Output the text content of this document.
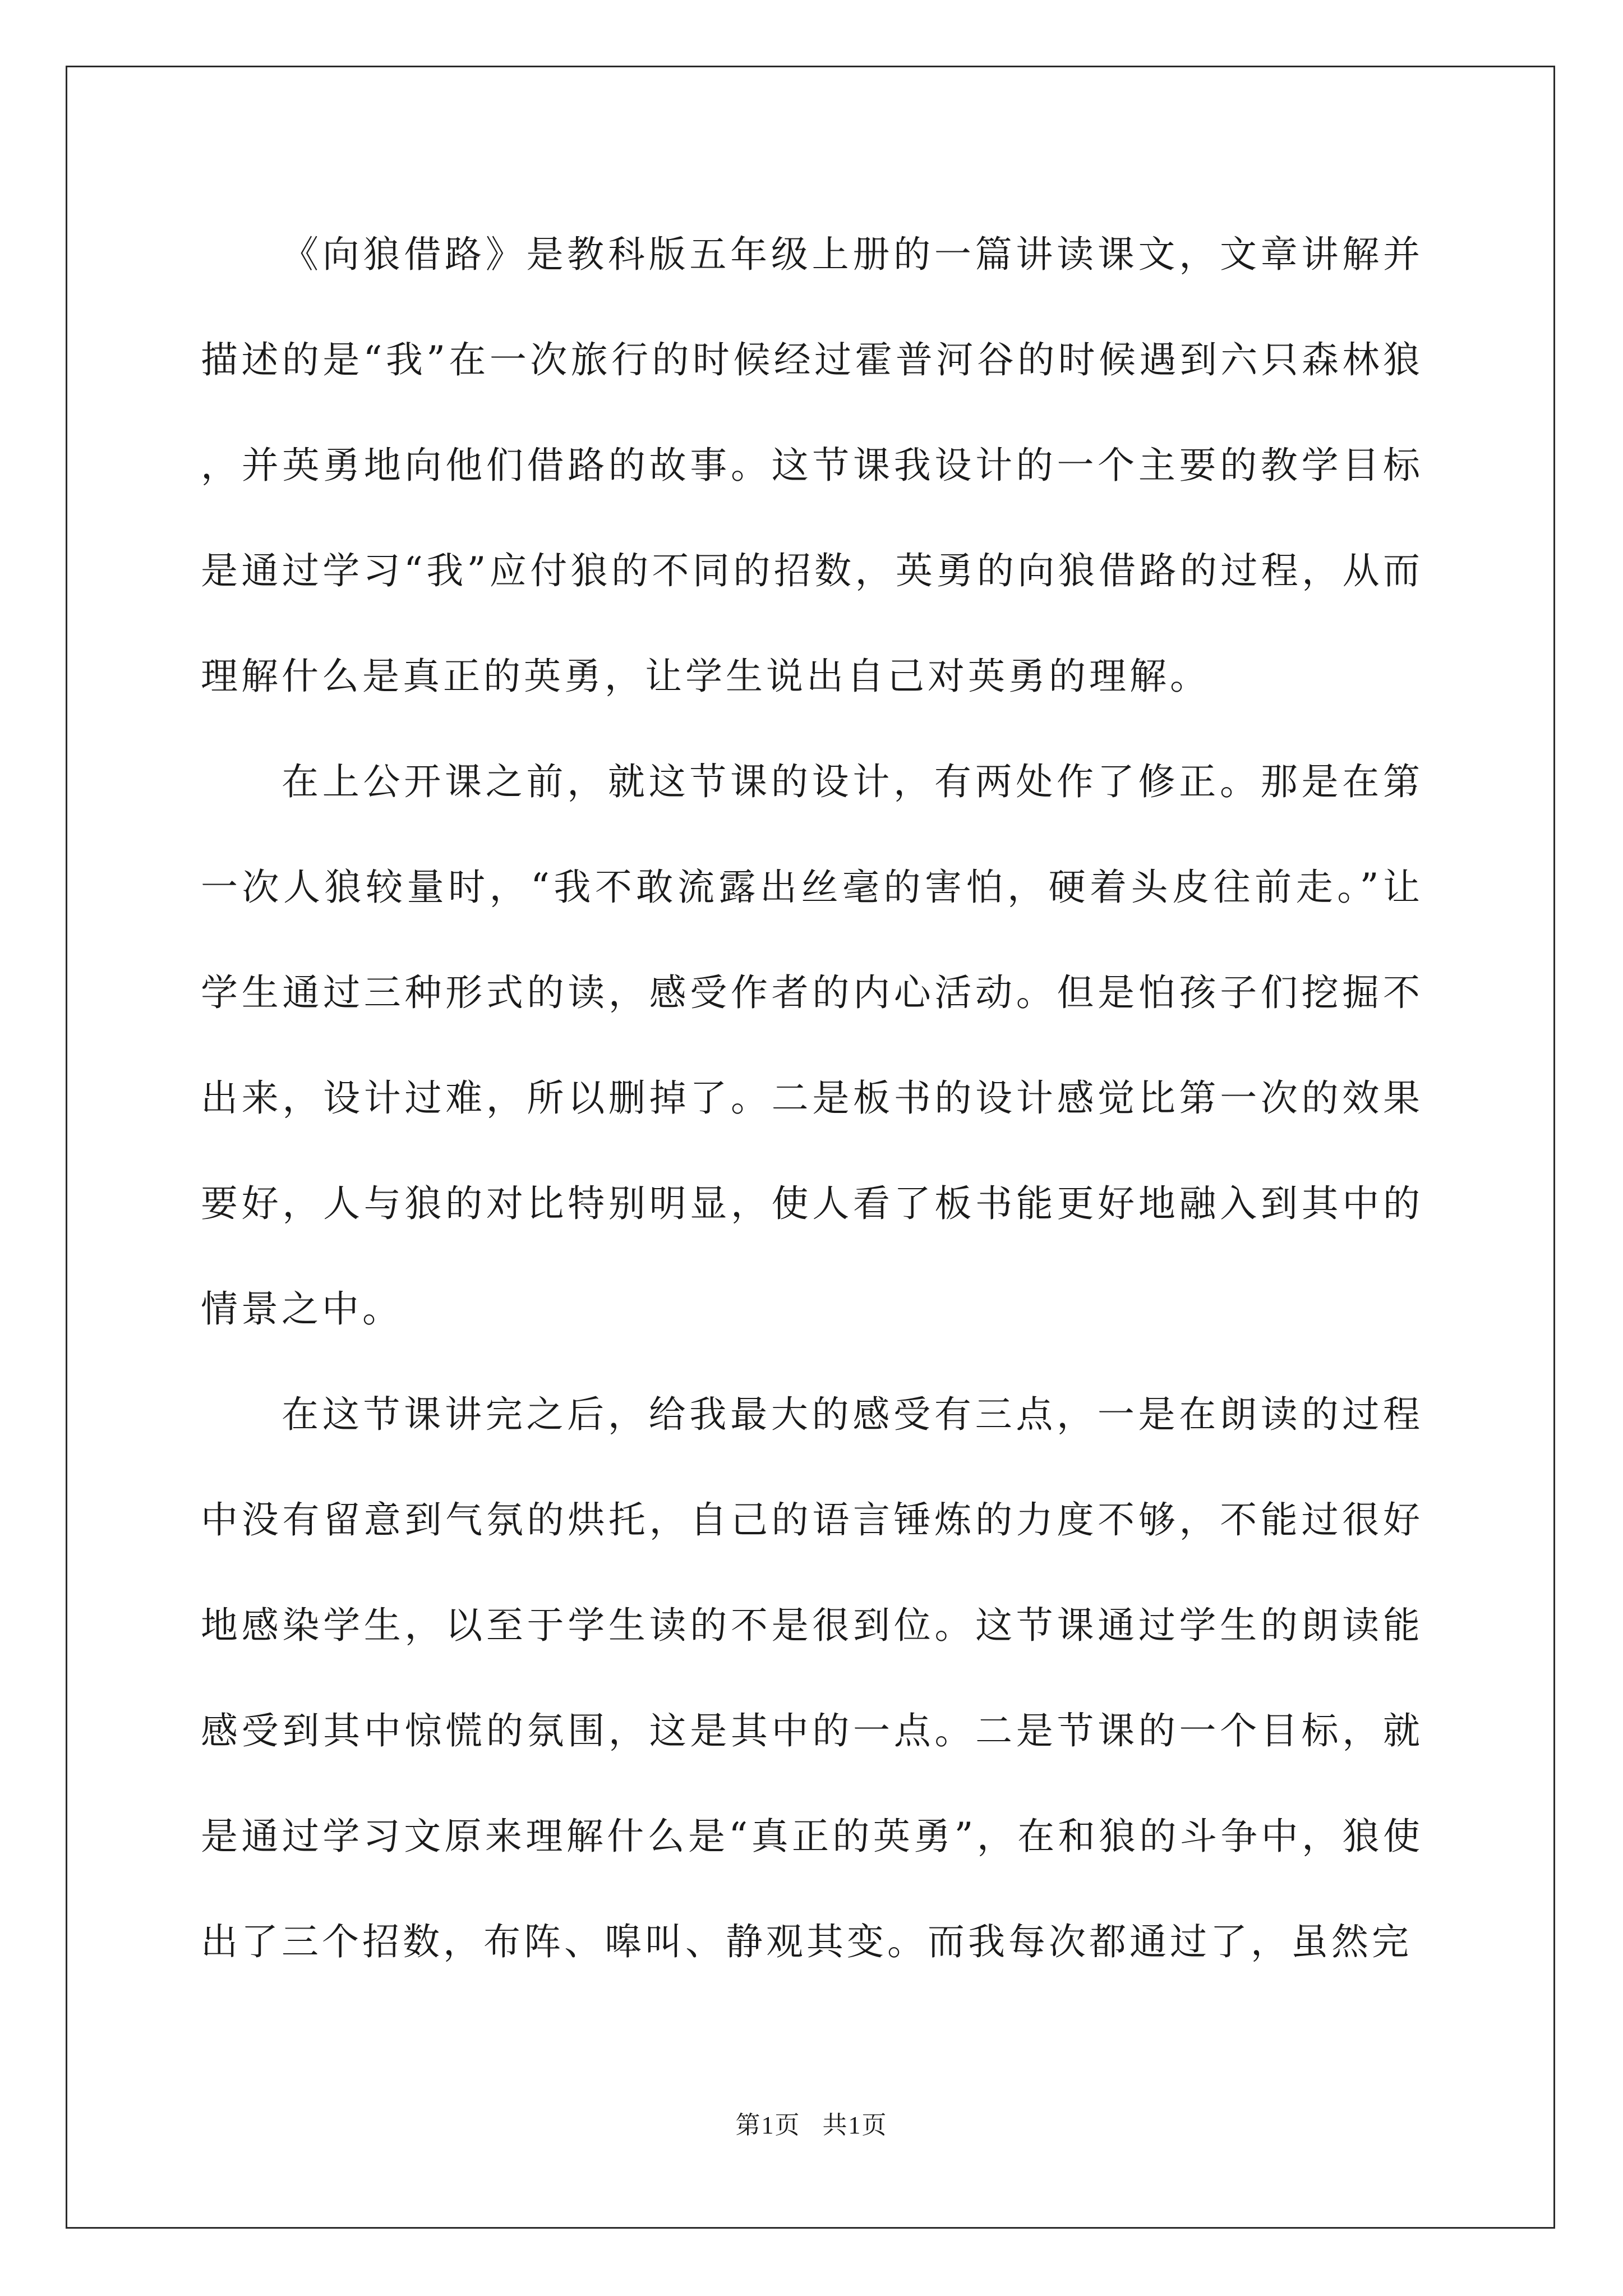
《向狼借路》是教科版五年级上册的一篇讲读课文，文章讲解并描述的是“我”在一次旅行的时候经过霍普河谷的时候遇到六只森林狼，并英勇地向他们借路的故事。这节课我设计的一个主要的教学目标是通过学习“我”应付狼的不同的招数，英勇的向狼借路的过程，从而理解什么是真正的英勇，让学生说出自己对英勇的理解。

在上公开课之前，就这节课的设计，有两处作了修正。那是在第一次人狼较量时，“我不敢流露出丝毫的害怕，硬着头皮往前走。”让学生通过三种形式的读，感受作者的内心活动。但是怕孩子们挖掘不出来，设计过难，所以删掉了。二是板书的设计感觉比第一次的效果要好，人与狼的对比特别明显，使人看了板书能更好地融入到其中的情景之中。

在这节课讲完之后，给我最大的感受有三点，一是在朗读的过程中没有留意到气氛的烘托，自己的语言锤炼的力度不够，不能过很好地感染学生，以至于学生读的不是很到位。这节课通过学生的朗读能感受到其中惊慌的氛围，这是其中的一点。二是节课的一个目标，就是通过学习文原来理解什么是“真正的英勇”，在和狼的斗争中，狼使出了三个招数，布阵、嗥叫、静观其变。而我每次都通过了，虽然完

第1页 共1页
